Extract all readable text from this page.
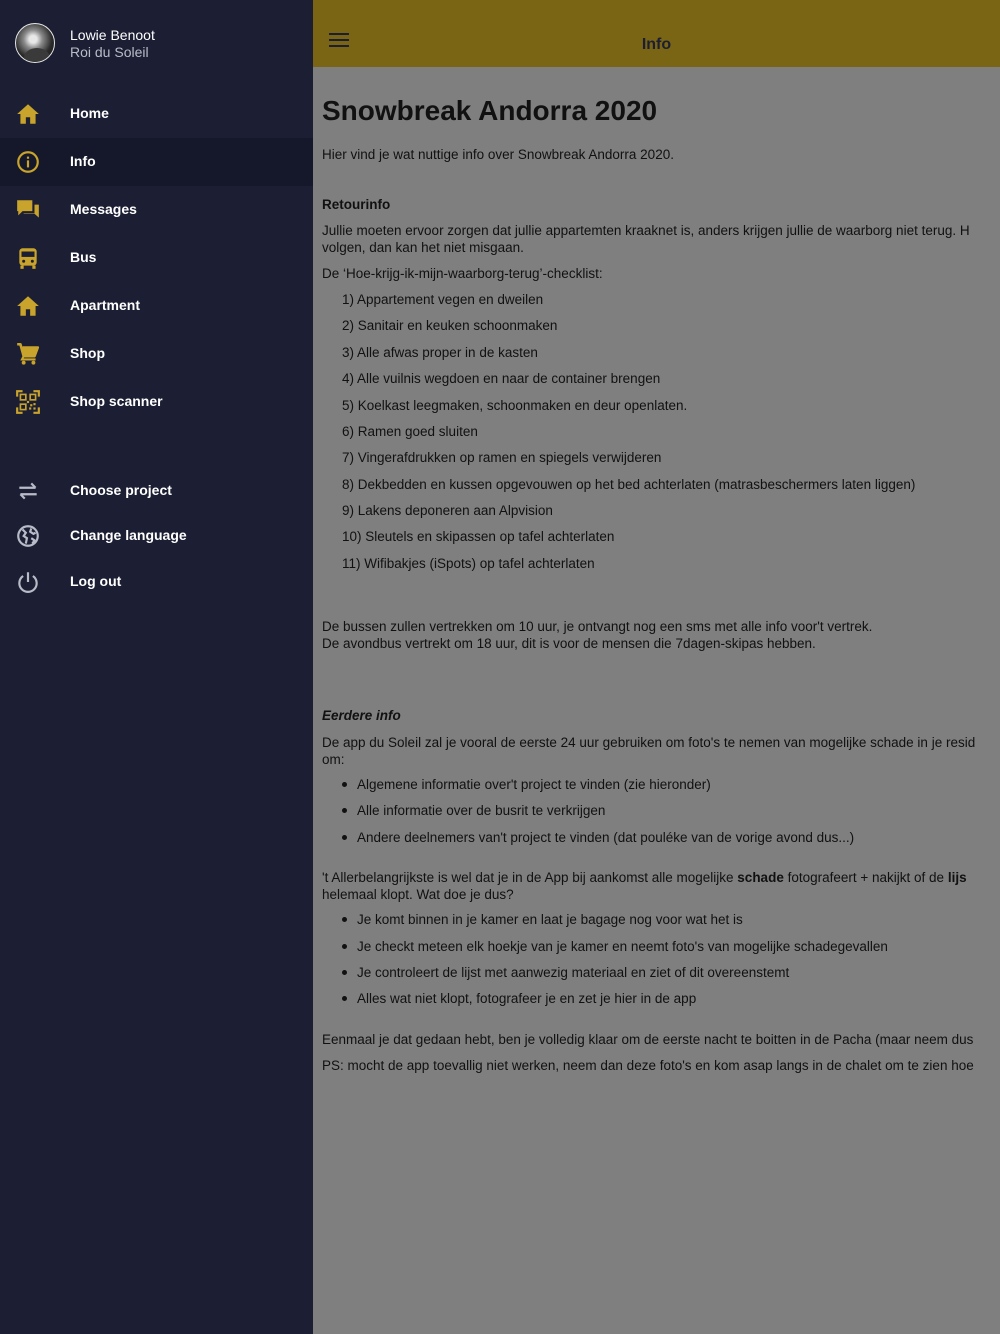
Lowie Benoot
Roi du Soleil
Home
Info
Messages
Bus
Apartment
Shop
Shop scanner
Choose project
Change language
Log out
Info
Snowbreak Andorra 2020
Hier vind je wat nuttige info over Snowbreak Andorra 2020.
Retourinfo
Jullie moeten ervoor zorgen dat jullie appartemten kraaknet is, anders krijgen jullie de waarborg niet terug. H
volgen, dan kan het niet misgaan.
De ‘Hoe-krijg-ik-mijn-waarborg-terug’-checklist:
1) Appartement vegen en dweilen
2) Sanitair en keuken schoonmaken
3) Alle afwas proper in de kasten
4) Alle vuilnis wegdoen en naar de container brengen
5) Koelkast leegmaken, schoonmaken en deur openlaten.
6) Ramen goed sluiten
7) Vingerafdrukken op ramen en spiegels verwijderen
8) Dekbedden en kussen opgevouwen op het bed achterlaten (matrasbeschermers laten liggen)
9) Lakens deponeren aan Alpvision
10) Sleutels en skipassen op tafel achterlaten
11) Wifibakjes (iSpots) op tafel achterlaten
De bussen zullen vertrekken om 10 uur, je ontvangt nog een sms met alle info voor't vertrek.
De avondbus vertrekt om 18 uur, dit is voor de mensen die 7dagen-skipas hebben.
Eerdere info
De app du Soleil zal je vooral de eerste 24 uur gebruiken om foto's te nemen van mogelijke schade in je resid
om:
Algemene informatie over't project te vinden (zie hieronder)
Alle informatie over de busrit te verkrijgen
Andere deelnemers van't project te vinden (dat pouléke van de vorige avond dus...)
't Allerbelangrijkste is wel dat je in de App bij aankomst alle mogelijke schade fotografeert + nakijkt of de lijs
helemaal klopt. Wat doe je dus?
Je komt binnen in je kamer en laat je bagage nog voor wat het is
Je checkt meteen elk hoekje van je kamer en neemt foto's van mogelijke schadegevallen
Je controleert de lijst met aanwezig materiaal en ziet of dit overeenstemt
Alles wat niet klopt, fotografeer je en zet je hier in de app
Eenmaal je dat gedaan hebt, ben je volledig klaar om de eerste nacht te boitten in de Pacha (maar neem dus
PS: mocht de app toevallig niet werken, neem dan deze foto's en kom asap langs in de chalet om te zien hoe
